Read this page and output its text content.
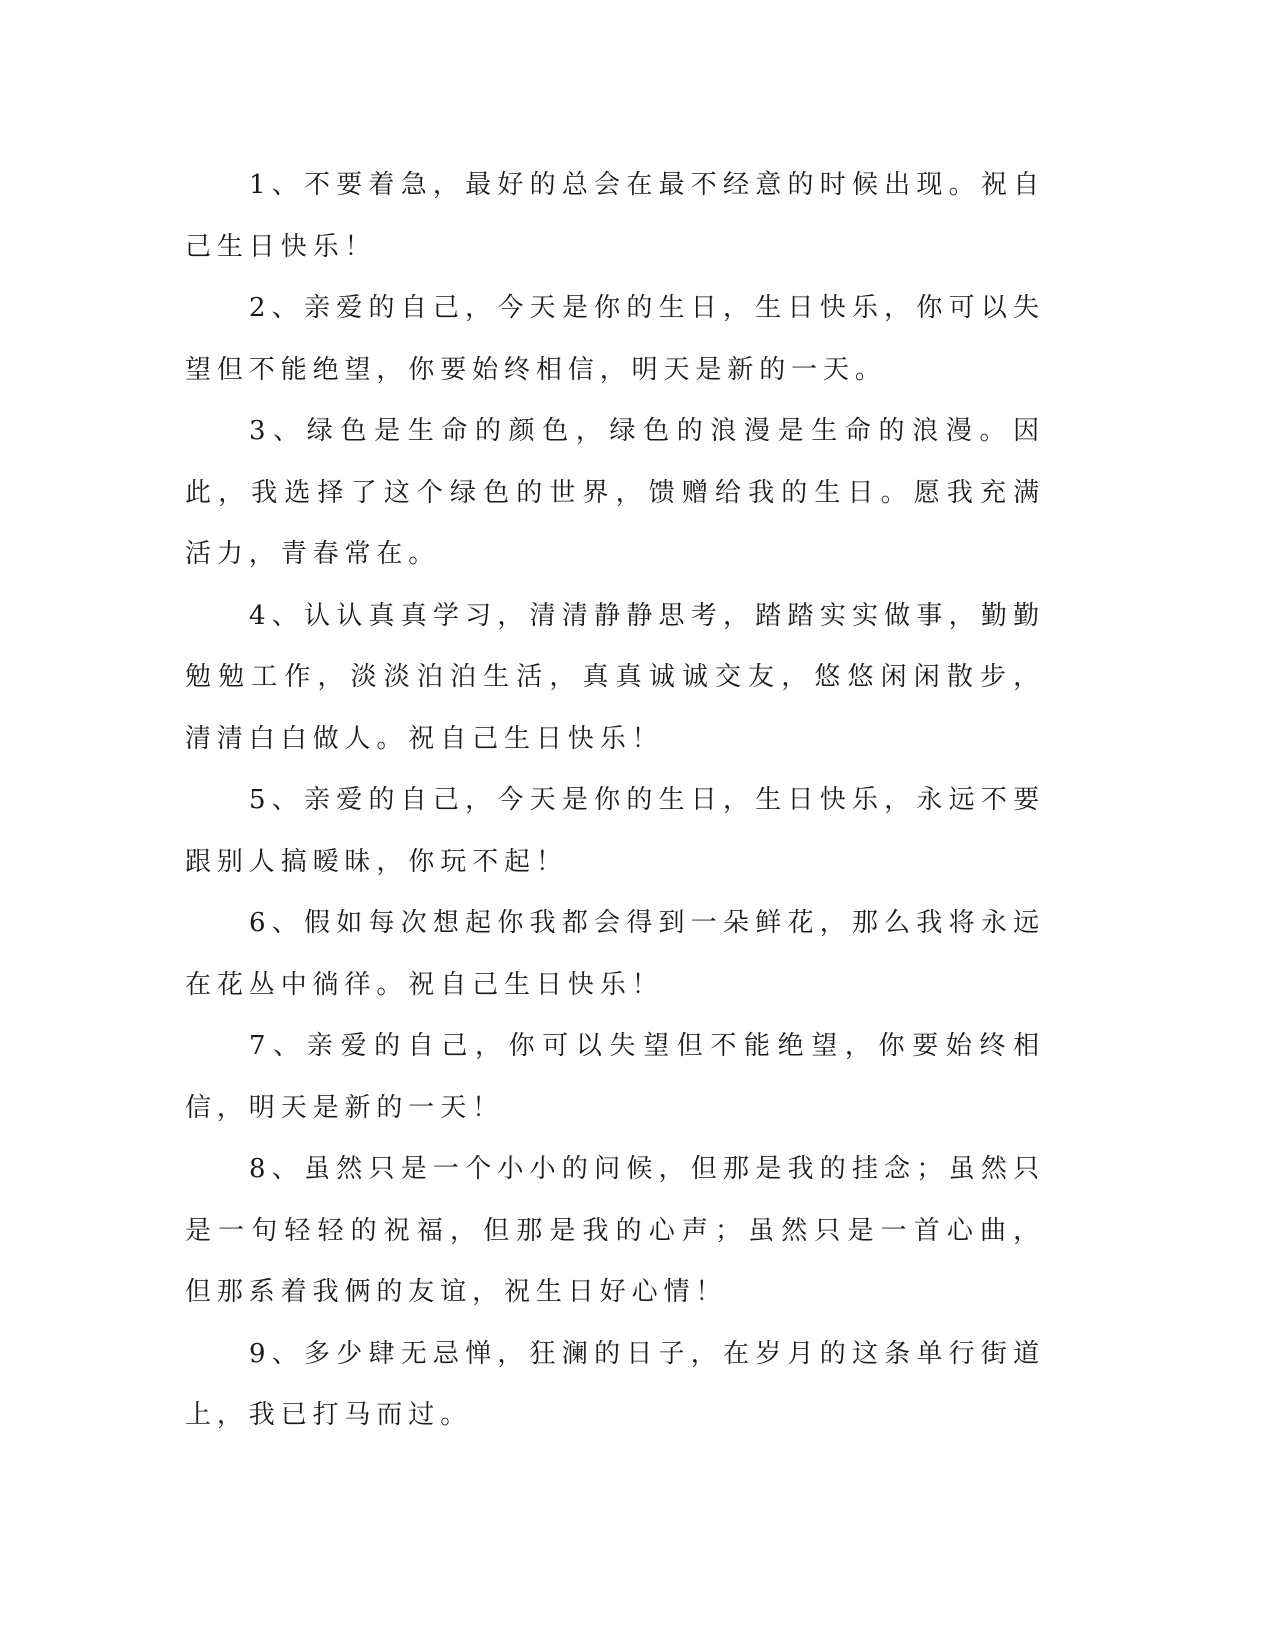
1、不要着急，最好的总会在最不经意的时候出现。祝自己生日快乐！

2、亲爱的自己，今天是你的生日，生日快乐，你可以失望但不能绝望，你要始终相信，明天是新的一天。

3、绿色是生命的颜色，绿色的浪漫是生命的浪漫。因此，我选择了这个绿色的世界，馈赠给我的生日。愿我充满活力，青春常在。

4、认认真真学习，清清静静思考，踏踏实实做事，勤勤勉勉工作，淡淡泊泊生活，真真诚诚交友，悠悠闲闲散步，清清白白做人。祝自己生日快乐！

5、亲爱的自己，今天是你的生日，生日快乐，永远不要跟别人搞暧昧，你玩不起！

6、假如每次想起你我都会得到一朵鲜花，那么我将永远在花丛中徜徉。祝自己生日快乐！

7、亲爱的自己，你可以失望但不能绝望，你要始终相信，明天是新的一天！

8、虽然只是一个小小的问候，但那是我的挂念；虽然只是一句轻轻的祝福，但那是我的心声；虽然只是一首心曲，但那系着我俩的友谊，祝生日好心情！

9、多少肆无忌惮，狂澜的日子，在岁月的这条单行街道上，我已打马而过。
